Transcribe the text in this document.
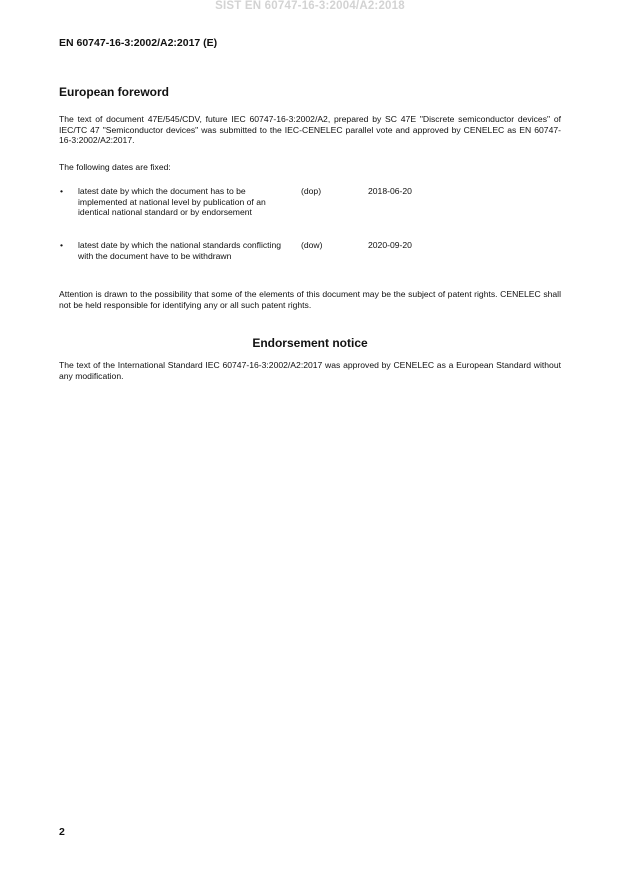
SIST EN 60747-16-3:2004/A2:2018
EN 60747-16-3:2002/A2:2017 (E)
European foreword
The text of document 47E/545/CDV, future IEC 60747-16-3:2002/A2, prepared by SC 47E "Discrete semiconductor devices" of IEC/TC 47 "Semiconductor devices" was submitted to the IEC-CENELEC parallel vote and approved by CENELEC as EN 60747-16-3:2002/A2:2017.
The following dates are fixed:
• latest date by which the document has to be implemented at national level by publication of an identical national standard or by endorsement
(dop)	2018-06-20
• latest date by which the national standards conflicting with the document have to be withdrawn
(dow)	2020-09-20
Attention is drawn to the possibility that some of the elements of this document may be the subject of patent rights. CENELEC shall not be held responsible for identifying any or all such patent rights.
Endorsement notice
The text of the International Standard IEC 60747-16-3:2002/A2:2017 was approved by CENELEC as a European Standard without any modification.
2
